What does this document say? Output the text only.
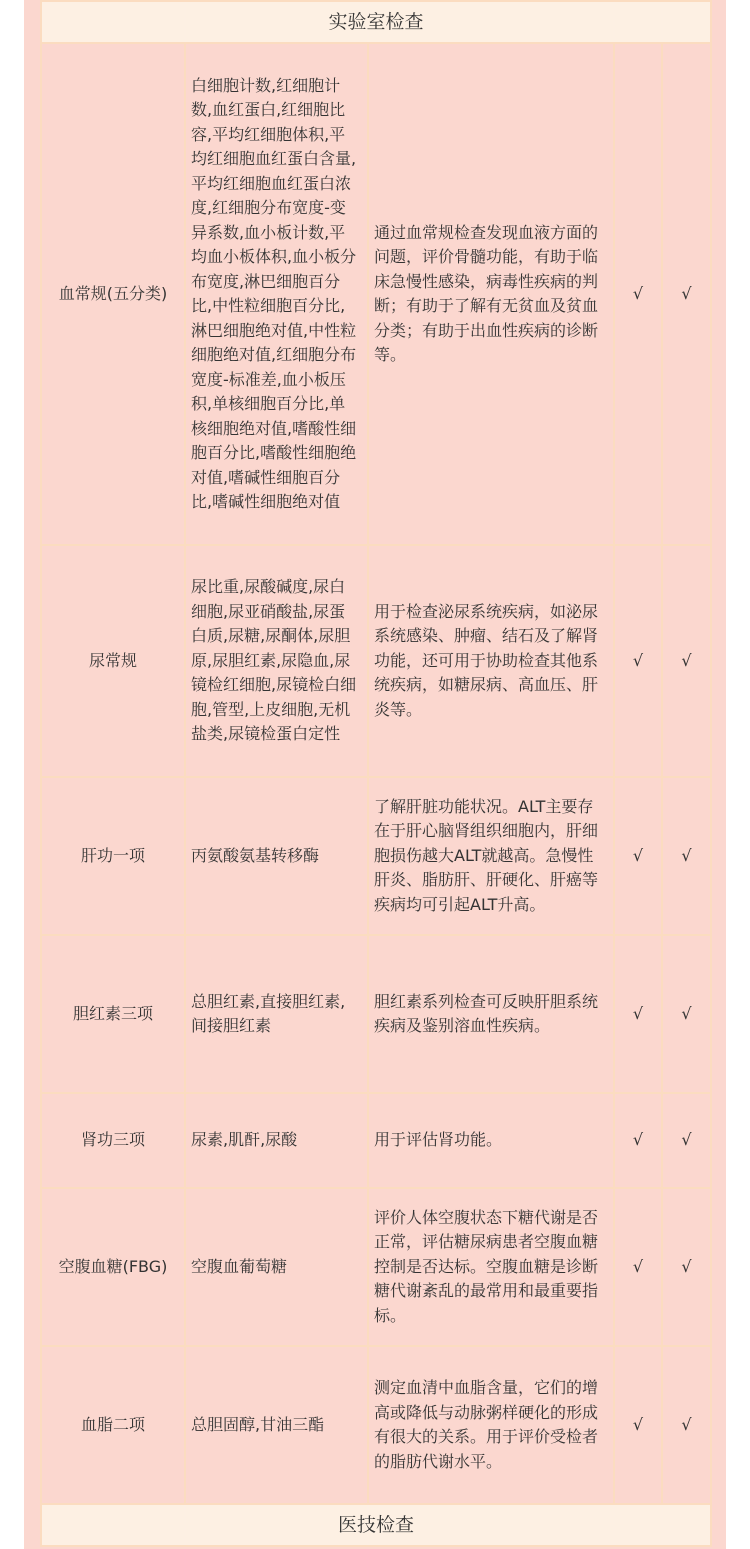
实验室检查				
血常规(五分类)	白细胞计数,红细胞计数,血红蛋白,红细胞比容,平均红细胞体积,平均红细胞血红蛋白含量,平均红细胞血红蛋白浓度,红细胞分布宽度-变异系数,血小板计数,平均血小板体积,血小板分布宽度,淋巴细胞百分比,中性粒细胞百分比,淋巴细胞绝对值,中性粒细胞绝对值,红细胞分布宽度-标准差,血小板压积,单核细胞百分比,单核细胞绝对值,嗜酸性细胞百分比,嗜酸性细胞绝对值,嗜碱性细胞百分比,嗜碱性细胞绝对值	通过血常规检查发现血液方面的问题，评价骨髓功能，有助于临床急慢性感染，病毒性疾病的判断；有助于了解有无贫血及贫血分类；有助于出血性疾病的诊断等。	√	√
尿常规	尿比重,尿酸碱度,尿白细胞,尿亚硝酸盐,尿蛋白质,尿糖,尿酮体,尿胆原,尿胆红素,尿隐血,尿镜检红细胞,尿镜检白细胞,管型,上皮细胞,无机盐类,尿镜检蛋白定性	用于检查泌尿系统疾病，如泌尿系统感染、肿瘤、结石及了解肾功能，还可用于协助检查其他系统疾病，如糖尿病、高血压、肝炎等。	√	√
肝功一项	丙氨酸氨基转移酶	了解肝脏功能状况。ALT主要存在于肝心脑肾组织细胞内，肝细胞损伤越大ALT就越高。急慢性肝炎、脂肪肝、肝硬化、肝癌等疾病均可引起ALT升高。	√	√
胆红素三项	总胆红素,直接胆红素,间接胆红素	胆红素系列检查可反映肝胆系统疾病及鉴别溶血性疾病。	√	√
肾功三项	尿素,肌酐,尿酸	用于评估肾功能。	√	√
空腹血糖(FBG)	空腹血葡萄糖	评价人体空腹状态下糖代谢是否正常，评估糖尿病患者空腹血糖控制是否达标。空腹血糖是诊断糖代谢紊乱的最常用和最重要指标。	√	√
血脂二项	总胆固醇,甘油三酯	测定血清中血脂含量，它们的增高或降低与动脉粥样硬化的形成有很大的关系。用于评价受检者的脂肪代谢水平。	√	√
医技检查				
